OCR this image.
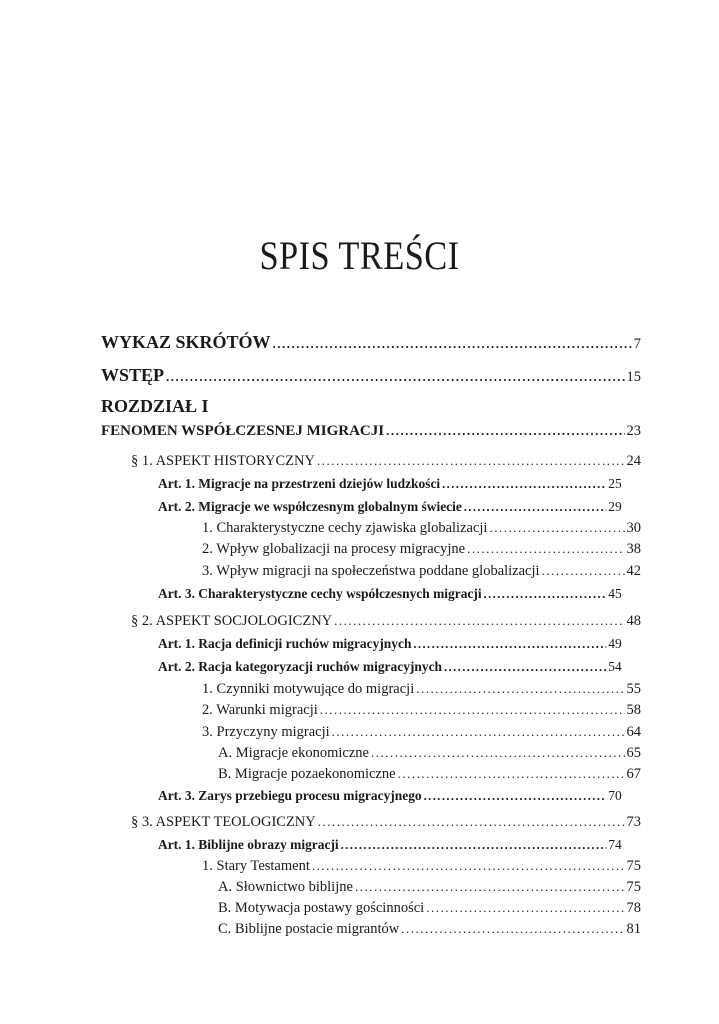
SPIS TREŚCI
WYKAZ SKRÓTÓW .....	7
WSTĘP .....	15
ROZDZIAŁ I
FENOMEN WSPÓŁCZESNEJ MIGRACJI .....	23
§ 1. ASPEKT HISTORYCZNY .....	24
Art. 1. Migracje na przestrzeni dziejów ludzkości .....	25
Art. 2. Migracje we współczesnym globalnym świecie .....	29
1. Charakterystyczne cechy zjawiska globalizacji .....	30
2. Wpływ globalizacji na procesy migracyjne .....	38
3. Wpływ migracji na społeczeństwa poddane globalizacji .....	42
Art. 3. Charakterystyczne cechy współczesnych migracji .....	45
§ 2. ASPEKT SOCJOLOGICZNY .....	48
Art. 1. Racja definicji ruchów migracyjnych .....	49
Art. 2. Racja kategoryzacji ruchów migracyjnych .....	54
1. Czynniki motywujące do migracji .....	55
2. Warunki migracji .....	58
3. Przyczyny migracji .....	64
A. Migracje ekonomiczne .....	65
B. Migracje pozaekonomiczne .....	67
Art. 3. Zarys przebiegu procesu migracyjnego .....	70
§ 3. ASPEKT TEOLOGICZNY .....	73
Art. 1. Biblijne obrazy migracji .....	74
1. Stary Testament .....	75
A. Słownictwo biblijne .....	75
B. Motywacja postawy gościnności .....	78
C. Biblijne postacie migrantów .....	81
